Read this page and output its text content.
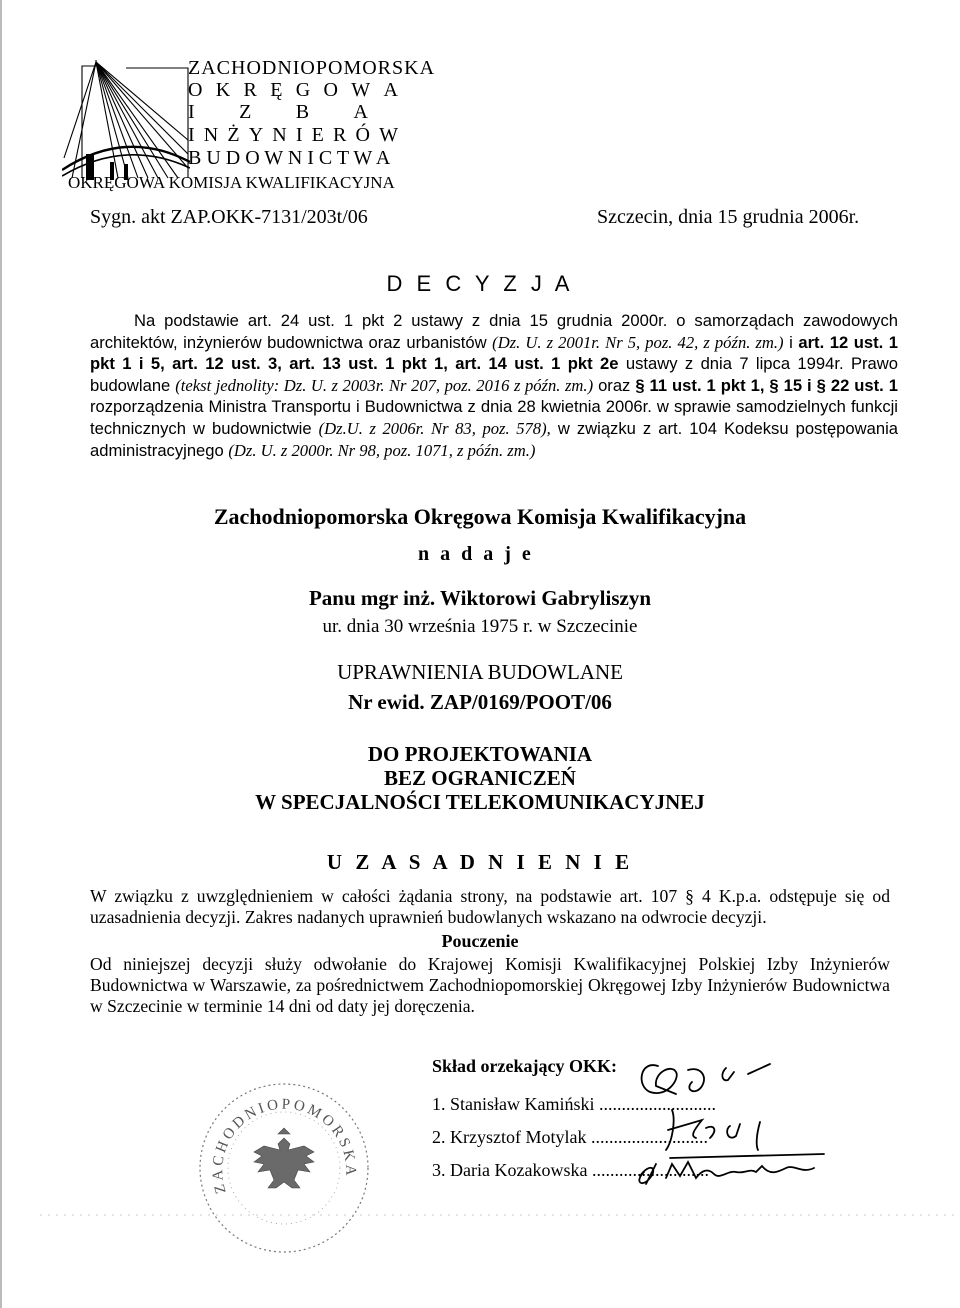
ZACHODNIOPOMORSKA
O K R Ę G O W A
I Z B A
I N Ż Y N I E R Ó W
B U D O W N I C T W A
OKRĘGOWA KOMISJA KWALIFIKACYJNA
Sygn. akt ZAP.OKK-7131/203t/06	Szczecin, dnia 15 grudnia 2006r.
D E C Y Z J A
Na podstawie art. 24 ust. 1 pkt 2 ustawy z dnia 15 grudnia 2000r. o samorządach zawodowych architektów, inżynierów budownictwa oraz urbanistów (Dz. U. z 2001r. Nr 5, poz. 42, z późn. zm.) i art. 12 ust. 1 pkt 1 i 5, art. 12 ust. 3, art. 13 ust. 1 pkt 1, art. 14 ust. 1 pkt 2e ustawy z dnia 7 lipca 1994r. Prawo budowlane (tekst jednolity: Dz. U. z 2003r. Nr 207, poz. 2016 z późn. zm.) oraz § 11 ust. 1 pkt 1, § 15 i § 22 ust. 1 rozporządzenia Ministra Transportu i Budownictwa z dnia 28 kwietnia 2006r. w sprawie samodzielnych funkcji technicznych w budownictwie (Dz.U. z 2006r. Nr 83, poz. 578), w związku z art. 104 Kodeksu postępowania administracyjnego (Dz. U. z 2000r. Nr 98, poz. 1071, z późn. zm.)
Zachodniopomorska Okręgowa Komisja Kwalifikacyjna
n a d a j e
Panu mgr inż. Wiktorowi Gabryliszyn
ur. dnia 30 września 1975 r. w Szczecinie
UPRAWNIENIA BUDOWLANE
Nr ewid. ZAP/0169/POOT/06
DO PROJEKTOWANIA
BEZ OGRANICZEŃ
W SPECJALNOŚCI TELEKOMUNIKACYJNEJ
U Z A S A D N I E N I E
W związku z uwzględnieniem w całości żądania strony, na podstawie art. 107 § 4 K.p.a. odstępuje się od uzasadnienia decyzji. Zakres nadanych uprawnień budowlanych wskazano na odwrocie decyzji.
Pouczenie
Od niniejszej decyzji służy odwołanie do Krajowej Komisji Kwalifikacyjnej Polskiej Izby Inżynierów Budownictwa w Warszawie, za pośrednictwem Zachodniopomorskiej Okręgowej Izby Inżynierów Budownictwa w Szczecinie w terminie 14 dni od daty jej doręczenia.
Skład orzekający OKK:
1. Stanisław Kamiński ..........................
2. Krzysztof Motylak ..........................
3. Daria Kozakowska ..........................
ZACHODNIOPOMORSKA
